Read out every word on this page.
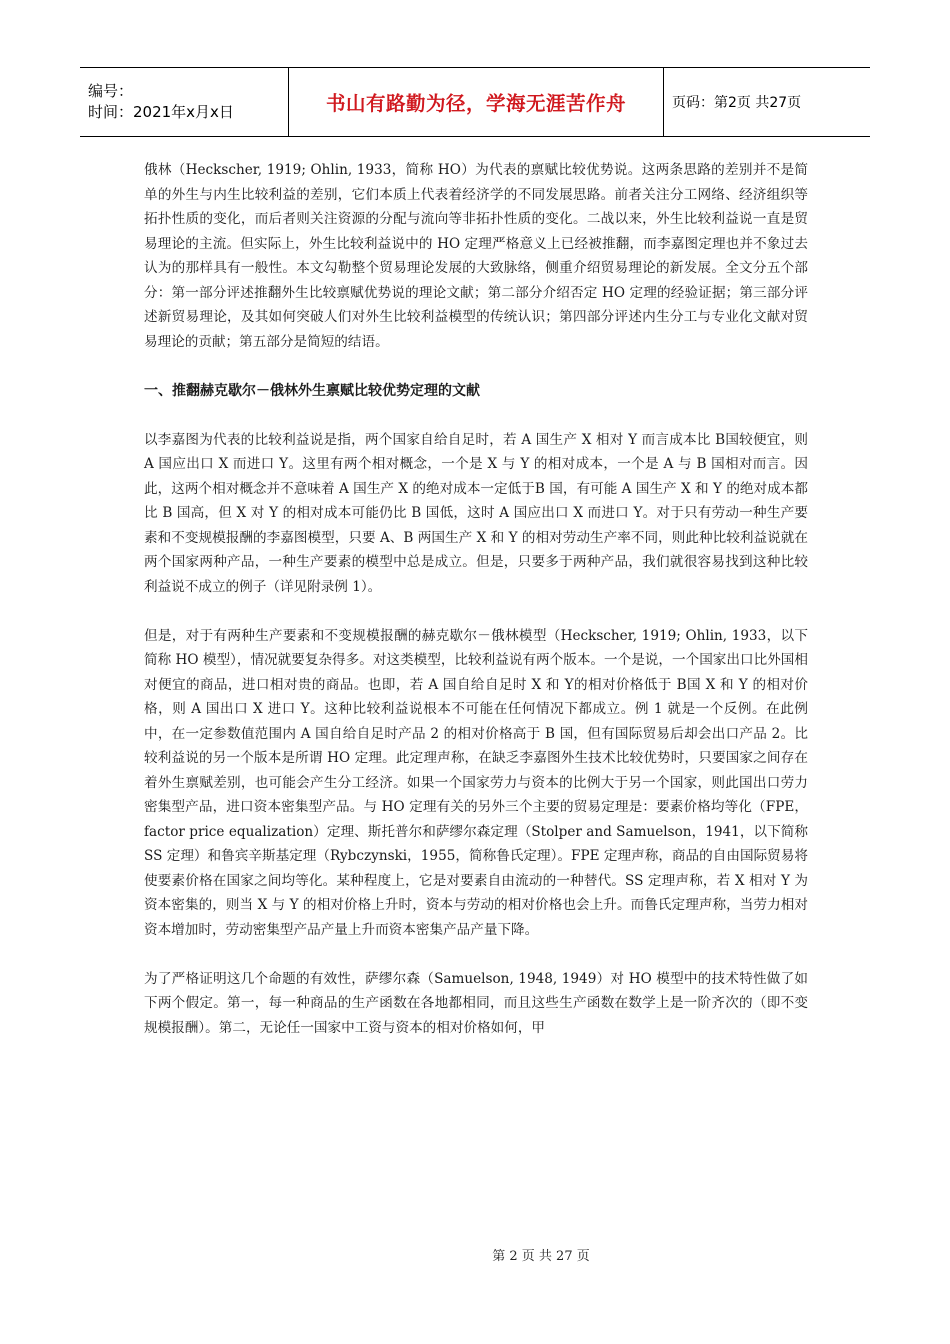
编号：
时间：2021年x月x日	书山有路勤为径，学海无涯苦作舟	页码：第2页 共27页

俄林（Heckscher, 1919; Ohlin, 1933，简称 HO）为代表的禀赋比较优势说。这两条思路的差别并不是简单的外生与内生比较利益的差别，它们本质上代表着经济学的不同发展思路。前者关注分工网络、经济组织等拓扑性质的变化，而后者则关注资源的分配与流向等非拓扑性质的变化。二战以来，外生比较利益说一直是贸易理论的主流。但实际上，外生比较利益说中的 HO 定理严格意义上已经被推翻，而李嘉图定理也并不象过去认为的那样具有一般性。本文勾勒整个贸易理论发展的大致脉络，侧重介绍贸易理论的新发展。全文分五个部分：第一部分评述推翻外生比较禀赋优势说的理论文献；第二部分介绍否定 HO 定理的经验证据；第三部分评述新贸易理论，及其如何突破人们对外生比较利益模型的传统认识；第四部分评述内生分工与专业化文献对贸易理论的贡献；第五部分是简短的结语。

一、推翻赫克歇尔－俄林外生禀赋比较优势定理的文献

以李嘉图为代表的比较利益说是指，两个国家自给自足时，若 A 国生产 X 相对 Y 而言成本比 B国较便宜，则 A 国应出口 X 而进口 Y。这里有两个相对概念，一个是 X 与 Y 的相对成本，一个是 A 与 B 国相对而言。因此，这两个相对概念并不意味着 A 国生产 X 的绝对成本一定低于B 国，有可能 A 国生产 X 和 Y 的绝对成本都比 B 国高，但 X 对 Y 的相对成本可能仍比 B 国低，这时 A 国应出口 X 而进口 Y。对于只有劳动一种生产要素和不变规模报酬的李嘉图模型，只要 A、B 两国生产 X 和 Y 的相对劳动生产率不同，则此种比较利益说就在两个国家两种产品，一种生产要素的模型中总是成立。但是，只要多于两种产品，我们就很容易找到这种比较利益说不成立的例子（详见附录例 1）。

但是，对于有两种生产要素和不变规模报酬的赫克歇尔－俄林模型（Heckscher, 1919; Ohlin, 1933，以下简称 HO 模型），情况就要复杂得多。对这类模型，比较利益说有两个版本。一个是说，一个国家出口比外国相对便宜的商品，进口相对贵的商品。也即，若 A 国自给自足时 X 和 Y的相对价格低于 B国 X 和 Y 的相对价格，则 A 国出口 X 进口 Y。这种比较利益说根本不可能在任何情况下都成立。例 1 就是一个反例。在此例中，在一定参数值范围内 A 国自给自足时产品 2 的相对价格高于 B 国，但有国际贸易后却会出口产品 2。比较利益说的另一个版本是所谓 HO 定理。此定理声称，在缺乏李嘉图外生技术比较优势时，只要国家之间存在着外生禀赋差别，也可能会产生分工经济。如果一个国家劳力与资本的比例大于另一个国家，则此国出口劳力密集型产品，进口资本密集型产品。与 HO 定理有关的另外三个主要的贸易定理是：要素价格均等化（FPE， factor price equalization）定理、斯托普尔和萨缪尔森定理（Stolper and Samuelson，1941，以下简称 SS 定理）和鲁宾辛斯基定理（Rybczynski，1955，简称鲁氏定理）。FPE 定理声称，商品的自由国际贸易将使要素价格在国家之间均等化。某种程度上，它是对要素自由流动的一种替代。SS 定理声称，若 X 相对 Y 为资本密集的，则当 X 与 Y 的相对价格上升时，资本与劳动的相对价格也会上升。而鲁氏定理声称，当劳力相对资本增加时，劳动密集型产品产量上升而资本密集产品产量下降。

为了严格证明这几个命题的有效性，萨缪尔森（Samuelson, 1948, 1949）对 HO 模型中的技术特性做了如下两个假定。第一，每一种商品的生产函数在各地都相同，而且这些生产函数在数学上是一阶齐次的（即不变规模报酬）。第二，无论任一国家中工资与资本的相对价格如何，甲

第 2 页 共 27 页
